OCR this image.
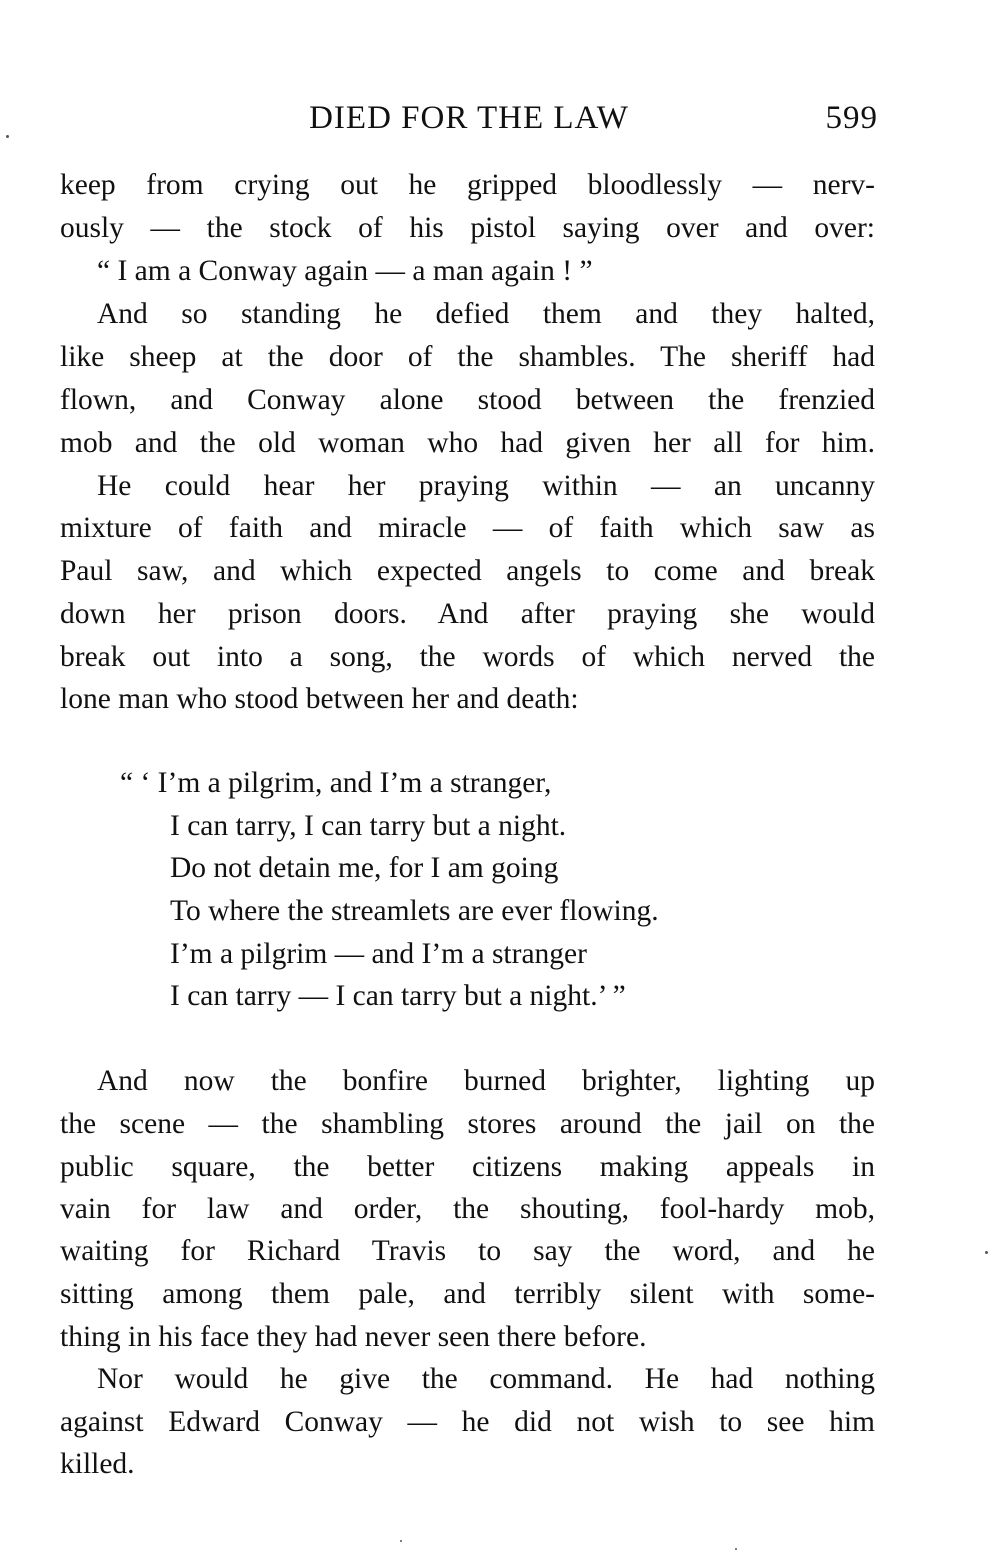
DIED FOR THE LAW	599
keep from crying out he gripped bloodlessly — nerv-
ously — the stock of his pistol saying over and over:
“ I am a Conway again — a man again ! ”
And so standing he defied them and they halted,
like sheep at the door of the shambles. The sheriff had
flown, and Conway alone stood between the frenzied
mob and the old woman who had given her all for him.
He could hear her praying within — an uncanny
mixture of faith and miracle — of faith which saw as
Paul saw, and which expected angels to come and break
down her prison doors. And after praying she would
break out into a song, the words of which nerved the
lone man who stood between her and death:
“ ‘ I’m a pilgrim, and I’m a stranger,
I can tarry, I can tarry but a night.
Do not detain me, for I am going
To where the streamlets are ever flowing.
I’m a pilgrim — and I’m a stranger
I can tarry — I can tarry but a night.’ ”
And now the bonfire burned brighter, lighting up
the scene — the shambling stores around the jail on the
public square, the better citizens making appeals in
vain for law and order, the shouting, fool-hardy mob,
waiting for Richard Travis to say the word, and he
sitting among them pale, and terribly silent with some-
thing in his face they had never seen there before.
Nor would he give the command. He had nothing
against Edward Conway — he did not wish to see him
killed.
